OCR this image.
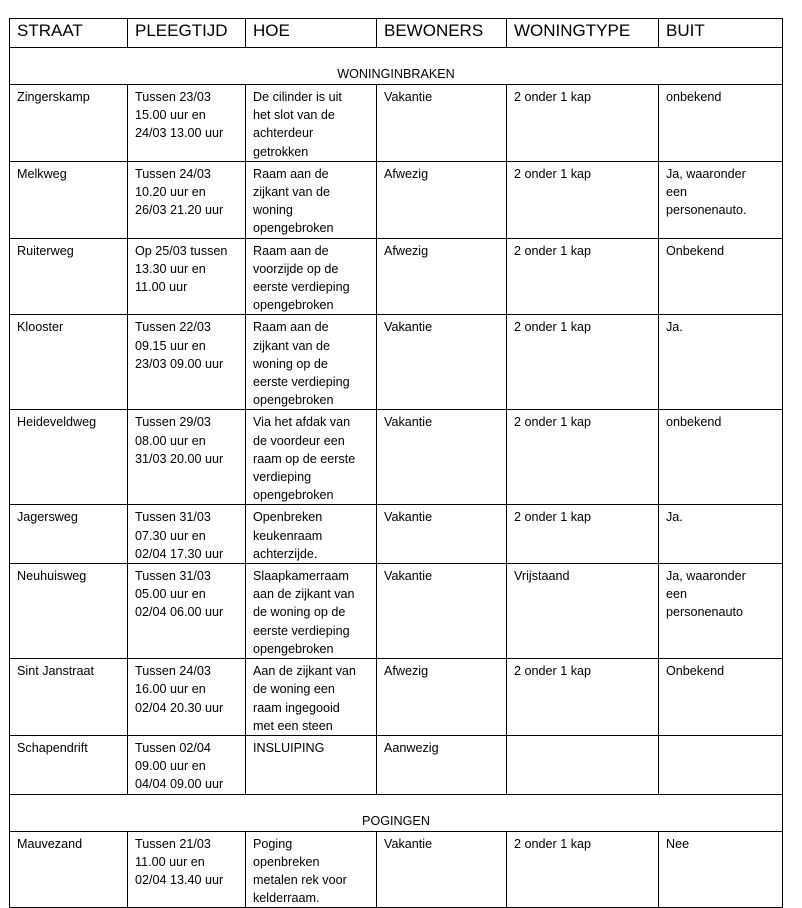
STRAAT	PLEEGTIJD	HOE	BEWONERS	WONINGTYPE	BUIT
WONINGINBRAKEN					
Zingerskamp	Tussen 23/03
15.00 uur en
24/03 13.00 uur	De cilinder is uit
het slot van de
achterdeur
getrokken	Vakantie	2 onder 1 kap	onbekend
Melkweg	Tussen 24/03
10.20 uur en
26/03 21.20 uur	Raam aan de
zijkant van de
woning
opengebroken	Afwezig	2 onder 1 kap	Ja, waaronder
een
personenauto.
Ruiterweg	Op 25/03 tussen
13.30 uur en
11.00 uur	Raam aan de
voorzijde op de
eerste verdieping
opengebroken	Afwezig	2 onder 1 kap	Onbekend
Klooster	Tussen 22/03
09.15 uur en
23/03 09.00 uur	Raam aan de
zijkant van de
woning op de
eerste verdieping
opengebroken	Vakantie	2 onder 1 kap	Ja.
Heideveldweg	Tussen 29/03
08.00 uur en
31/03 20.00 uur	Via het afdak van
de voordeur een
raam op de eerste
verdieping
opengebroken	Vakantie	2 onder 1 kap	onbekend
Jagersweg	Tussen 31/03
07.30 uur en
02/04 17.30 uur	Openbreken
keukenraam
achterzijde.	Vakantie	2 onder 1 kap	Ja.
Neuhuisweg	Tussen 31/03
05.00 uur en
02/04 06.00 uur	Slaapkamerraam
aan de zijkant van
de woning op de
eerste verdieping
opengebroken	Vakantie	Vrijstaand	Ja, waaronder
een
personenauto
Sint Janstraat	Tussen 24/03
16.00 uur en
02/04 20.30 uur	Aan de zijkant van
de woning een
raam ingegooid
met een steen	Afwezig	2 onder 1 kap	Onbekend
Schapendrift	Tussen 02/04
09.00 uur en
04/04 09.00 uur	INSLUIPING	Aanwezig		
POGINGEN					
Mauvezand	Tussen 21/03
11.00 uur en
02/04 13.40 uur	Poging
openbreken
metalen rek voor
kelderraam.	Vakantie	2 onder 1 kap	Nee
